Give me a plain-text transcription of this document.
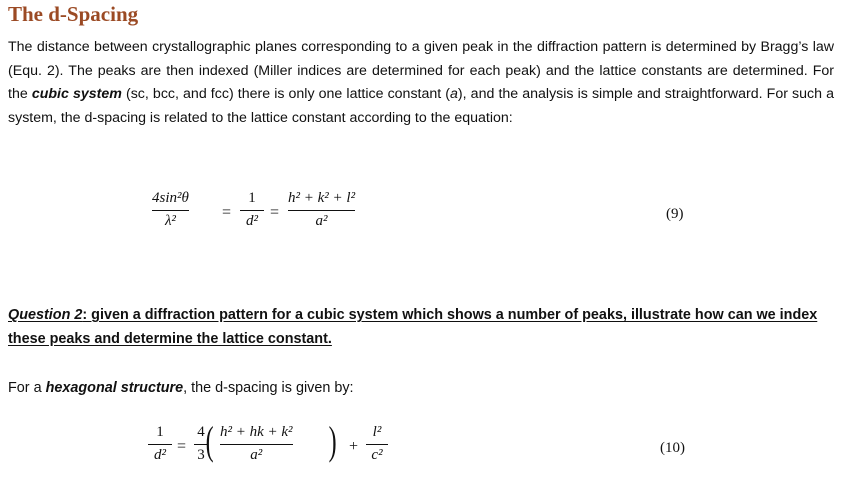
The d-Spacing
The distance between crystallographic planes corresponding to a given peak in the diffraction pattern is determined by Bragg’s law (Equ. 2). The peaks are then indexed (Miller indices are determined for each peak) and the lattice constants are determined. For the cubic system (sc, bcc, and fcc) there is only one lattice constant (a), and the analysis is simple and straightforward. For such a system, the d-spacing is related to the lattice constant according to the equation:
4sin²θ
λ²	=
1
d² =
h² + k² + l²
a²	(9)
Question 2: given a diffraction pattern for a cubic system which shows a number of peaks, illustrate how can we index these peaks and determine the lattice constant.
For a hexagonal structure, the d-spacing is given by:
1
d² =
4
3 ( h² + hk + k²
a²	) +
l²
c²	(10)
